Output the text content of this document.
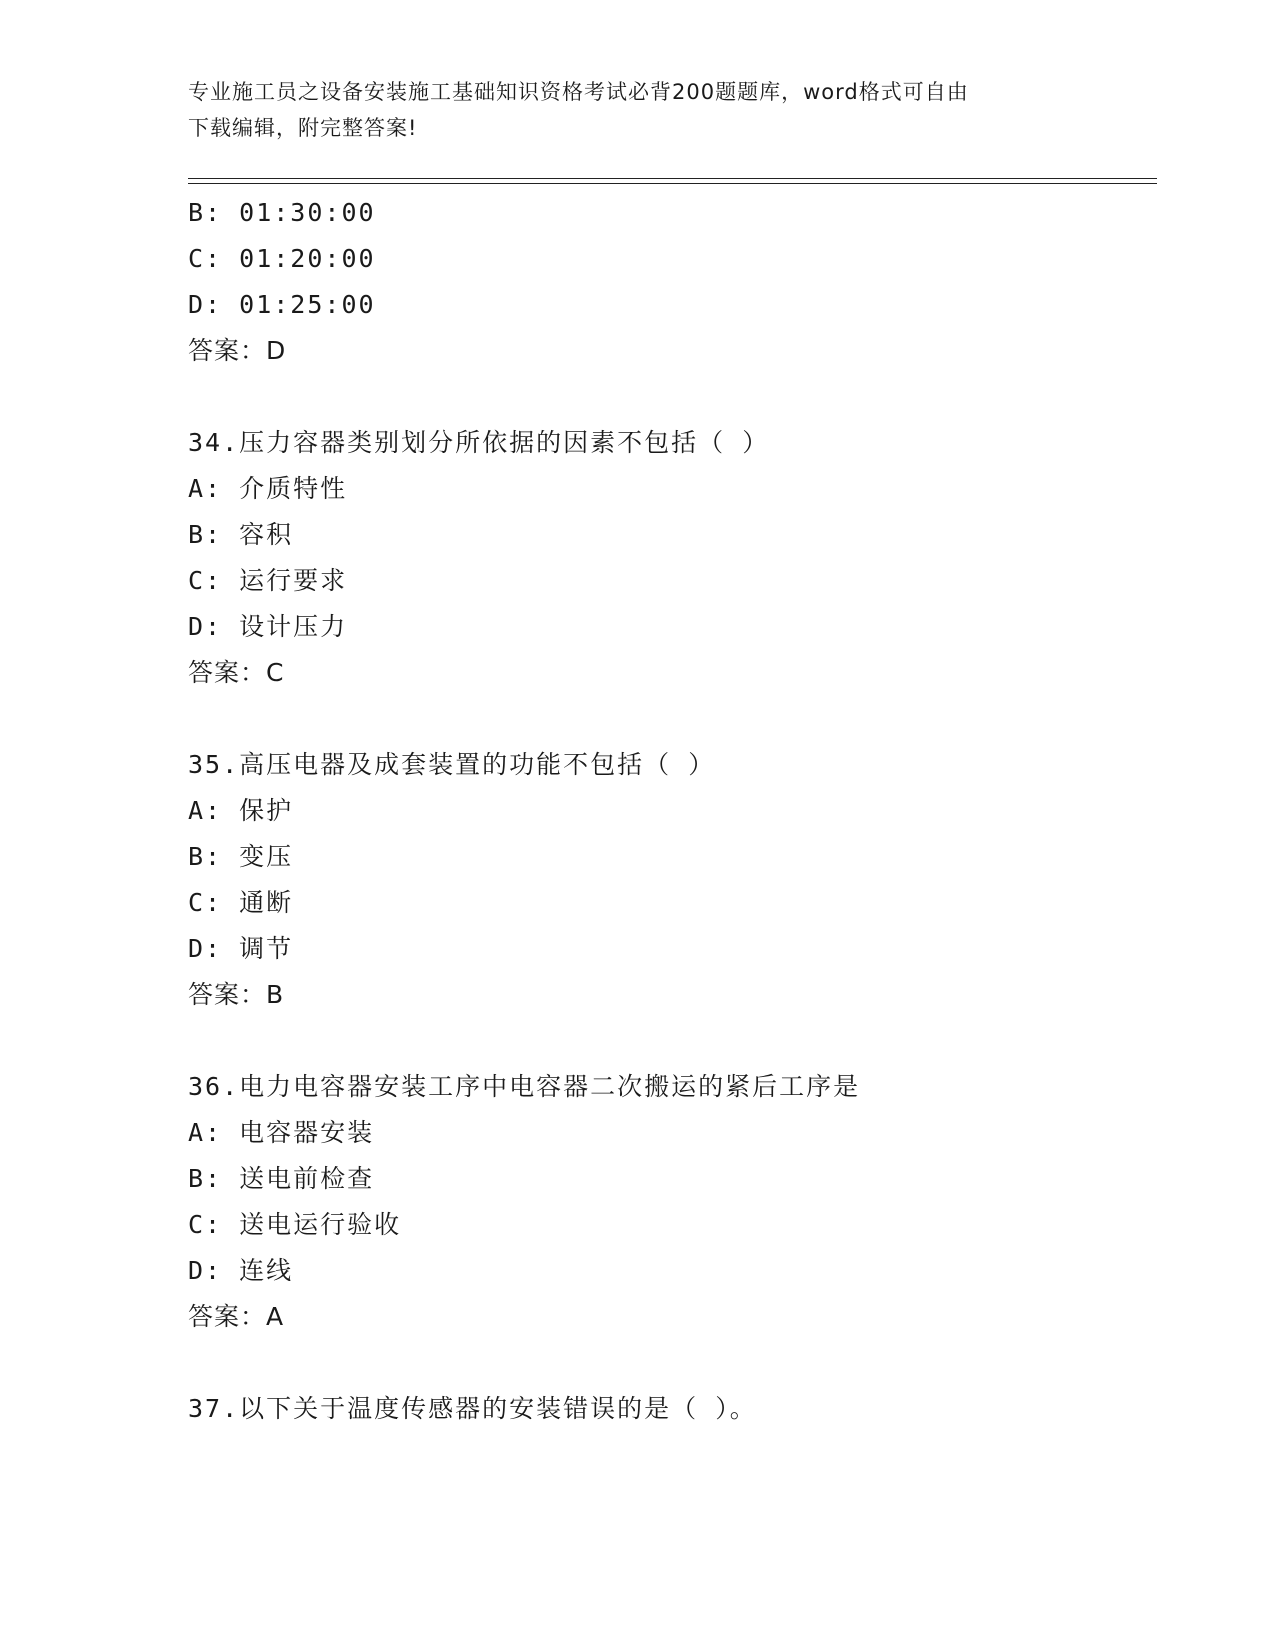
专业施工员之设备安装施工基础知识资格考试必背200题题库，word格式可自由
下载编辑，附完整答案!
B: 01:30:00
C: 01:20:00
D: 01:25:00
答案：D
34.压力容器类别划分所依据的因素不包括（ ）
A: 介质特性
B: 容积
C: 运行要求
D: 设计压力
答案：C
35.高压电器及成套装置的功能不包括（ ）
A: 保护
B: 变压
C: 通断
D: 调节
答案：B
36.电力电容器安装工序中电容器二次搬运的紧后工序是
A: 电容器安装
B: 送电前检查
C: 送电运行验收
D: 连线
答案：A
37.以下关于温度传感器的安装错误的是（ ）。
